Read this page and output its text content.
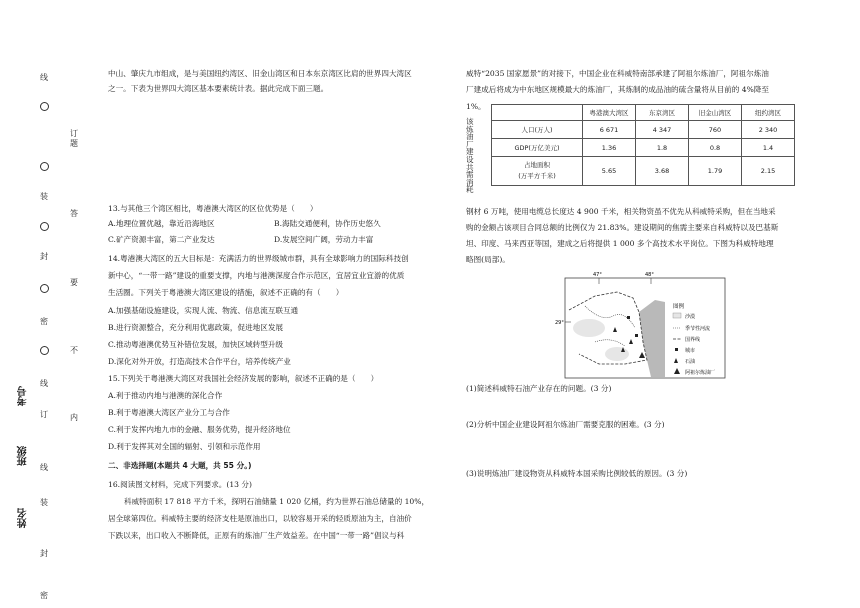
线
订
题
装
答
封
要
密
不
线
内
订
线
装
封
密
考号
班级
姓名
中山、肇庆九市组成，是与美国纽约湾区、旧金山湾区和日本东京湾区比肩的世界四大湾区
之一。下表为世界四大湾区基本要素统计表。据此完成下面三题。
13.与其他三个湾区相比，粤港澳大湾区的区位优势是（　　）
A.地理位置优越，靠近沿海地区	B.海陆交通便利，协作历史悠久
C.矿产资源丰富，第二产业发达	D.发展空间广阔，劳动力丰富
14.粤港澳大湾区的五大目标是：充满活力的世界级城市群，具有全球影响力的国际科技创
新中心，“一带一路”建设的重要支撑，内地与港澳深度合作示范区，宜居宜业宜游的优质
生活圈。下列关于粤港澳大湾区建设的措施，叙述不正确的有（　　）
A.加强基础设施建设，实现人流、物流、信息流互联互通
B.进行资源整合，充分利用优惠政策，促进地区发展
C.推动粤港澳优势互补错位发展，加快区域转型升级
D.深化对外开放，打造高技术合作平台，培养传统产业
15.下列关于粤港澳大湾区对我国社会经济发展的影响，叙述不正确的是（　　）
A.利于推动内地与港澳的深化合作
B.利于粤港澳大湾区产业分工与合作
C.利于发挥内地九市的金融、服务优势，提升经济地位
D.利于发挥其对全国的辐射、引领和示范作用
二、非选择题(本题共 4 大题，共 55 分。)
16.阅读图文材料，完成下列要求。(13 分)
科威特面积 17 818 平方千米，探明石油储量 1 020 亿桶，约为世界石油总储量的 10%，
居全球第四位。科威特主要的经济支柱是原油出口，以较容易开采的轻质原油为主，自油价
下跌以来，出口收入不断降低，正原有的炼油厂生产效益差。在中国“一带一路”倡议与科
威特“2035 国家愿景”的对接下，中国企业在科威特南部承建了阿祖尔炼油厂，阿祖尔炼油
厂建成后将成为中东地区规模最大的炼油厂，其炼制的成品油的硫含量将从目前的 4%降至
1%。
该
炼
油
厂
建
设
共
需
消
耗
	粤港澳大湾区	东京湾区	旧金山湾区	纽约湾区
人口(万人)	6 671	4 347	760	2 340
GDP(万亿美元)	1.36	1.8	0.8	1.4
占地面积
(万平方千米)	5.65	3.68	1.79	2.15
钢材 6 万吨，使用电缆总长度达 4 900 千米，相关物资虽不优先从科威特采购，但在当地采
购的金额占该项目合同总额的比例仅为 21.83%。建设期间的焦需主要来自科威特以及巴基斯
坦、印度、马来西亚等国，建成之后将提供 1 000 多个高技术水平岗位。下图为科威特地理
略图(局部)。
47°	48°
29°
图例
沙漠
季节性河流
国界线
城市
石油
阿祖尔炼油厂
(1)简述科威特石油产业存在的问题。(3 分)
(2)分析中国企业建设阿祖尔炼油厂需要克服的困难。(3 分)
(3)说明炼油厂建设物资从科威特本国采购比例较低的原因。(3 分)
